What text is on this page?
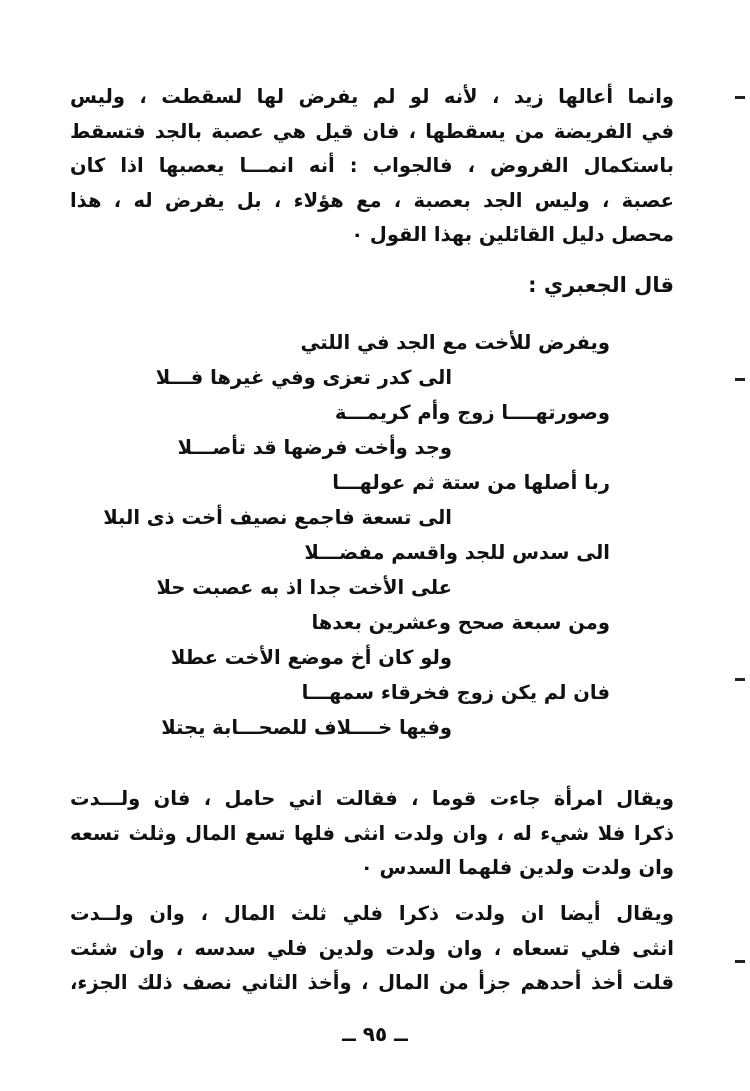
وانما أعالها زيد ، لأنه لو لم يفرض لها لسقطت ، وليس
في الفريضة من يسقطها ، فان قيل هي عصبة بالجد فتسقط
باستكمال الفروض ، فالجواب : أنه انمـــا يعصبها اذا كان
عصبة ، وليس الجد بعصبة ، مع هؤلاء ، بل يفرض له ، هذا
محصل دليل القائلين بهذا القول ٠
قال الجعبري :
ويفرض للأخت مع الجد في اللتي
الى كدر تعزى وفي غيرها فـــلا
وصورتهــــا زوج وأم كريمـــة
وجد وأخت فرضها قد تأصـــلا
ربا أصلها من ستة ثم عولهـــا
الى تسعة فاجمع نصيف أخت ذى البلا
الى سدس للجد واقسم مفضـــلا
على الأخت جدا اذ به عصبت حلا
ومن سبعة صحح وعشرين بعدها
ولو كان أخ موضع الأخت عطلا
فان لم يكن زوج فخرقاء سمهـــا
وفيها خــــلاف للصحـــابة يجتلا
ويقال امرأة جاءت قوما ، فقالت اني حامل ، فان ولـــدت
ذكرا فلا شيء له ، وان ولدت انثى فلها تسع المال وثلث تسعه
وان ولدت ولدين فلهما السدس ٠
ويقال أيضا ان ولدت ذكرا فلي ثلث المال ، وان ولــدت
انثى فلي تسعاه ، وان ولدت ولدين فلي سدسه ، وان شئت
قلت أخذ أحدهم جزأ من المال ، وأخذ الثاني نصف ذلك الجزء،
ــ ٩٥ ــ
